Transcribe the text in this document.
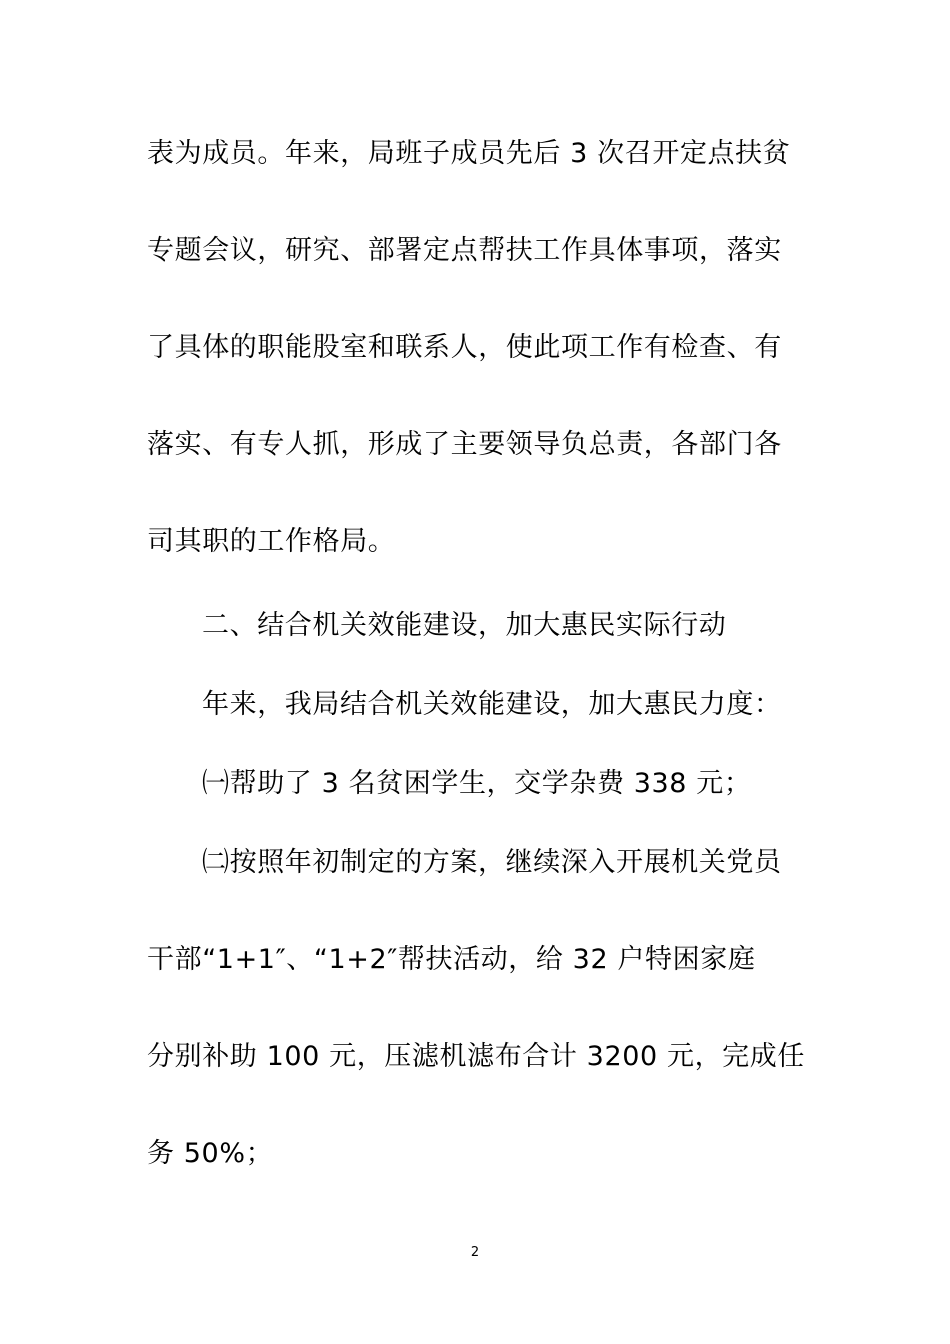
表为成员。年来，局班子成员先后 3 次召开定点扶贫
专题会议，研究、部署定点帮扶工作具体事项，落实
了具体的职能股室和联系人，使此项工作有检查、有
落实、有专人抓，形成了主要领导负总责，各部门各
司其职的工作格局。
二、结合机关效能建设，加大惠民实际行动
年来，我局结合机关效能建设，加大惠民力度：
㈠帮助了 3 名贫困学生，交学杂费 338 元；
㈡按照年初制定的方案，继续深入开展机关党员
干部“1+1″、“1+2″帮扶活动，给 32 户特困家庭
分别补助 100 元，压滤机滤布合计 3200 元，完成任
务 50%；
2
